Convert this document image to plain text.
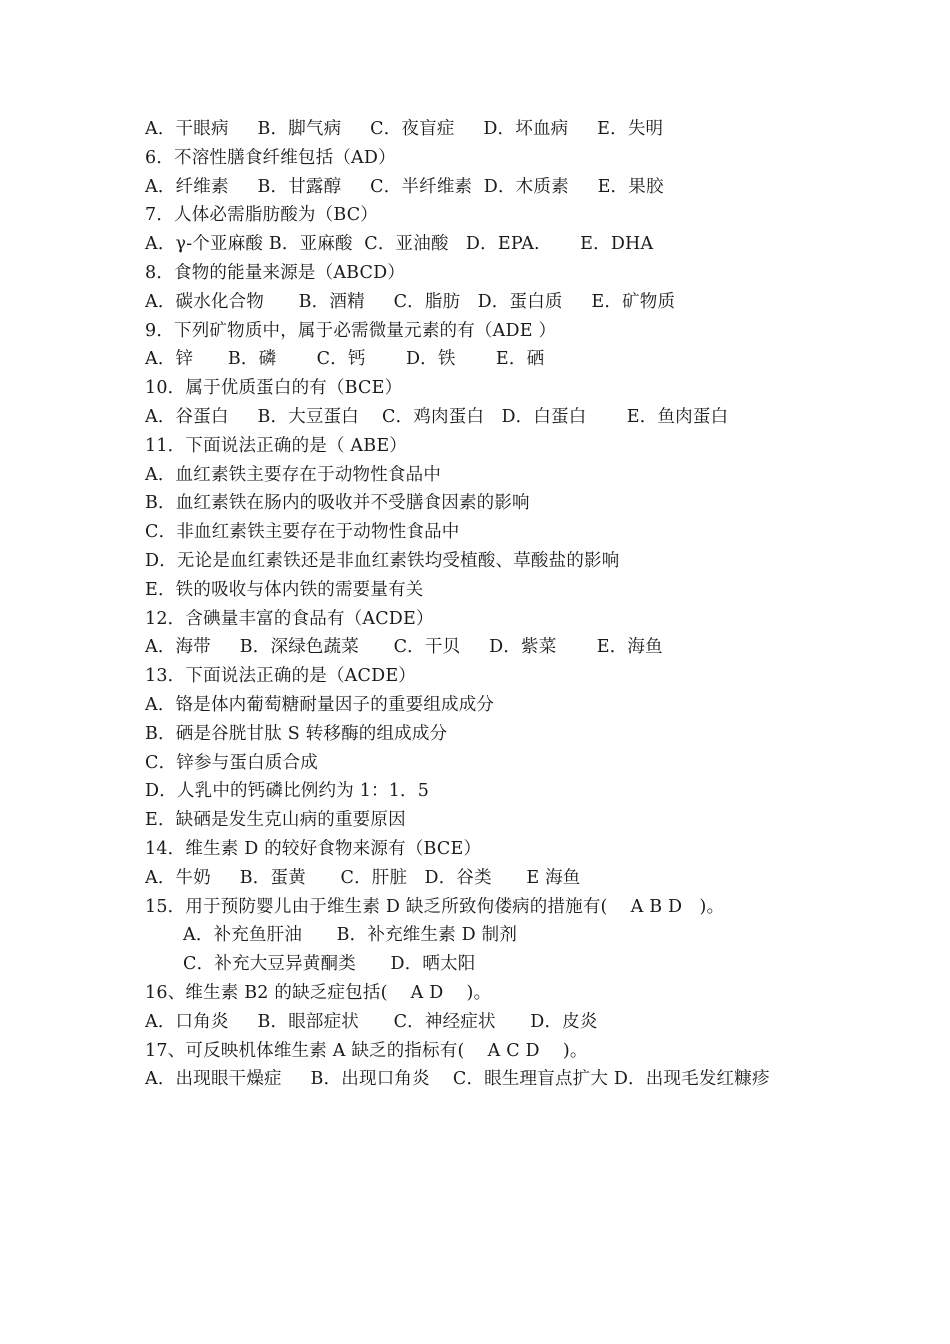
A．干眼病     B．脚气病     C．夜盲症     D．坏血病     E．失明
6．不溶性膳食纤维包括（AD）
A．纤维素     B．甘露醇     C．半纤维素  D．木质素     E．果胶
7．人体必需脂肪酸为（BC）
A．γ-个亚麻酸 B．亚麻酸  C．亚油酸   D．EPA.       E．DHA
8．食物的能量来源是（ABCD）
A．碳水化合物      B．酒精     C．脂肪   D．蛋白质     E．矿物质
9．下列矿物质中，属于必需微量元素的有（ADE ）
A．锌      B．磷       C．钙       D．铁       E．硒
10．属于优质蛋白的有（BCE）
A．谷蛋白     B．大豆蛋白    C．鸡肉蛋白   D．白蛋白       E．鱼肉蛋白
11．下面说法正确的是（ ABE）
A．血红素铁主要存在于动物性食品中
B．血红素铁在肠内的吸收并不受膳食因素的影响
C．非血红素铁主要存在于动物性食品中
D．无论是血红素铁还是非血红素铁均受植酸、草酸盐的影响
E．铁的吸收与体内铁的需要量有关
12．含碘量丰富的食品有（ACDE）
A．海带     B．深绿色蔬菜      C．干贝     D．紫菜       E．海鱼
13．下面说法正确的是（ACDE）
A．铬是体内葡萄糖耐量因子的重要组成成分
B．硒是谷胱甘肽 S 转移酶的组成成分
C．锌参与蛋白质合成
D．人乳中的钙磷比例约为 1：1．5
E．缺硒是发生克山病的重要原因
14．维生素 D 的较好食物来源有（BCE）
A．牛奶     B．蛋黄      C．肝脏   D．谷类      E 海鱼
15．用于预防婴儿由于维生素 D 缺乏所致佝偻病的措施有(    A B D   )。
A．补充鱼肝油      B．补充维生素 D 制剂
C．补充大豆异黄酮类      D．晒太阳
16、维生素 B2 的缺乏症包括(    A D    )。
A．口角炎     B．眼部症状      C．神经症状      D．皮炎
17、可反映机体维生素 A 缺乏的指标有(    A C D    )。
A．出现眼干燥症     B．出现口角炎    C．眼生理盲点扩大 D．出现毛发红糠疹
